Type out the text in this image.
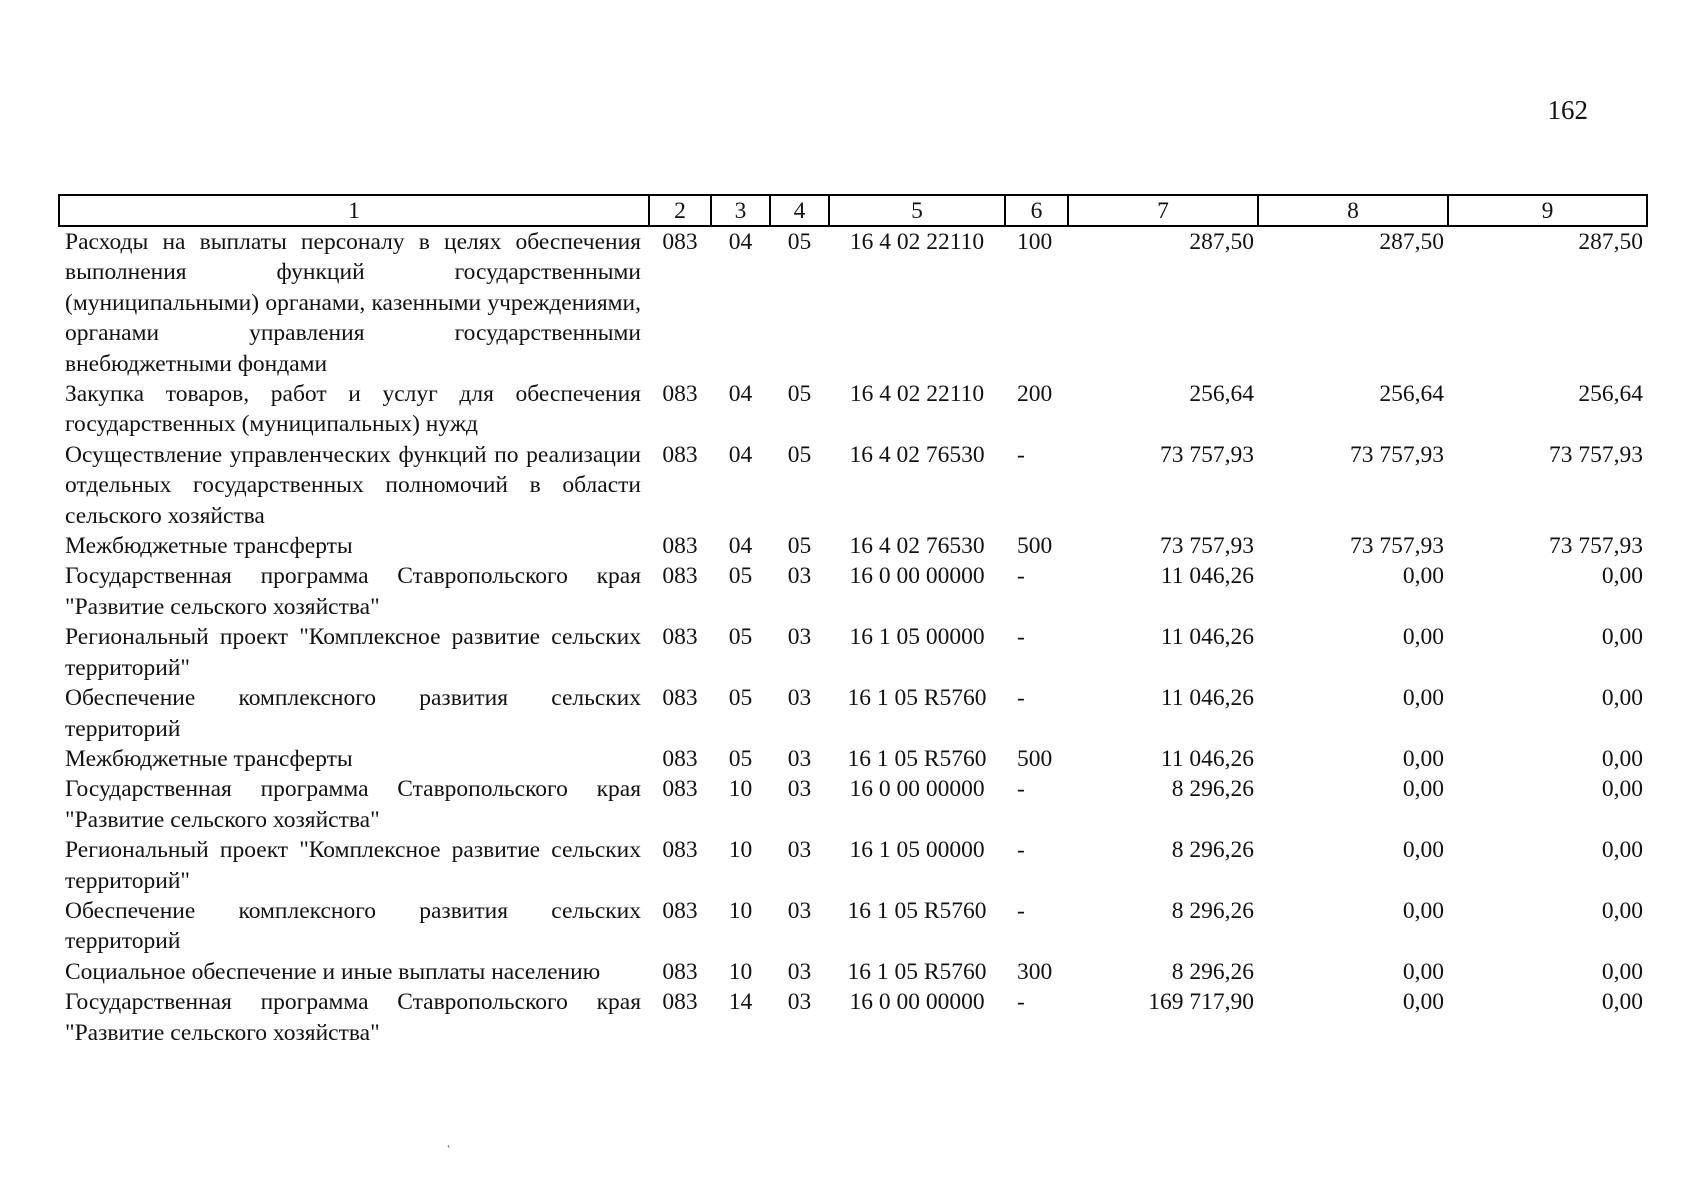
162
1	2	3	4	5	6	7	8	9
Расходы на выплаты персоналу в целях обеспечения выполнения функций государственными (муниципальными) органами, казенными учреждениями, органами управления государственными внебюджетными фондами	083	04	05	16 4 02 22110	100	287,50	287,50	287,50
Закупка товаров, работ и услуг для обеспечения государственных (муниципальных) нужд	083	04	05	16 4 02 22110	200	256,64	256,64	256,64
Осуществление управленческих функций по реализации отдельных государственных полномочий в области сельского хозяйства	083	04	05	16 4 02 76530	-	73 757,93	73 757,93	73 757,93
Межбюджетные трансферты	083	04	05	16 4 02 76530	500	73 757,93	73 757,93	73 757,93
Государственная программа Ставропольского края "Развитие сельского хозяйства"	083	05	03	16 0 00 00000	-	11 046,26	0,00	0,00
Региональный проект "Комплексное развитие сельских территорий"	083	05	03	16 1 05 00000	-	11 046,26	0,00	0,00
Обеспечение комплексного развития сельских территорий	083	05	03	16 1 05 R5760	-	11 046,26	0,00	0,00
Межбюджетные трансферты	083	05	03	16 1 05 R5760	500	11 046,26	0,00	0,00
Государственная программа Ставропольского края "Развитие сельского хозяйства"	083	10	03	16 0 00 00000	-	8 296,26	0,00	0,00
Региональный проект "Комплексное развитие сельских территорий"	083	10	03	16 1 05 00000	-	8 296,26	0,00	0,00
Обеспечение комплексного развития сельских территорий	083	10	03	16 1 05 R5760	-	8 296,26	0,00	0,00
Социальное обеспечение и иные выплаты населению	083	10	03	16 1 05 R5760	300	8 296,26	0,00	0,00
Государственная программа Ставропольского края "Развитие сельского хозяйства"	083	14	03	16 0 00 00000	-	169 717,90	0,00	0,00
˛
